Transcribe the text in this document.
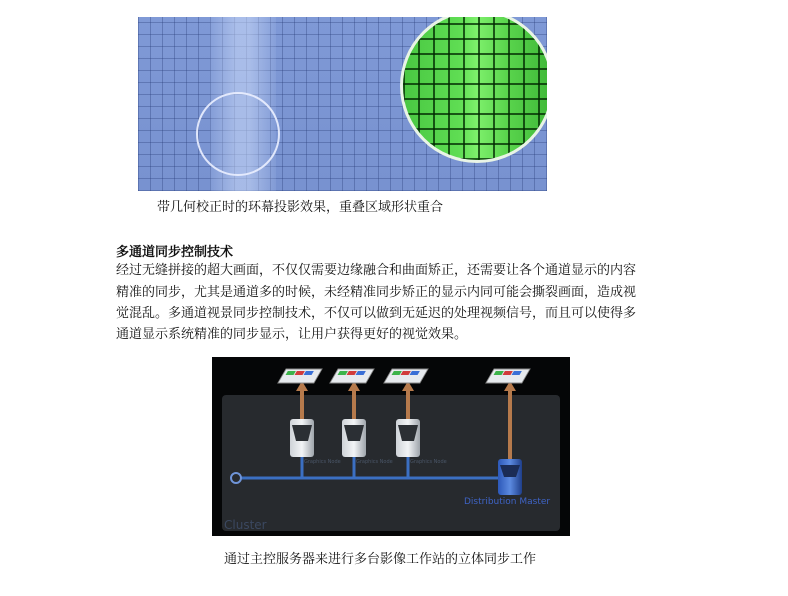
带几何校正时的环幕投影效果，重叠区域形状重合
多通道同步控制技术
经过无缝拼接的超大画面，不仅仅需要边缘融合和曲面矫正，还需要让各个通道显示的内容
精准的同步，尤其是通道多的时候，未经精准同步矫正的显示内同可能会撕裂画面，造成视
觉混乱。多通道视景同步控制技术，不仅可以做到无延迟的处理视频信号，而且可以使得多
通道显示系统精准的同步显示，让用户获得更好的视觉效果。
Graphics Node	Graphics Node	Graphics Node
Distribution Master
Cluster
通过主控服务器来进行多台影像工作站的立体同步工作
